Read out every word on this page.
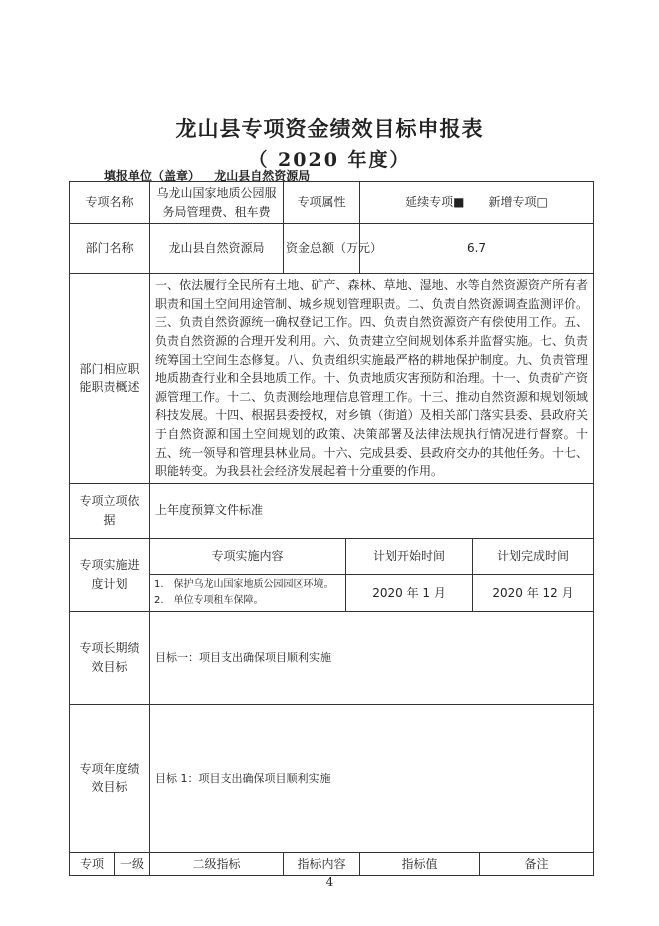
龙山县专项资金绩效目标申报表
（ 2020 年度）
填报单位（盖章） 龙山县自然资源局
专项名称	乌龙山国家地质公园服务局管理费、租车费	专项属性	延续专项■　　新增专项□
部门名称	龙山县自然资源局	资金总额（万元）	6.7
部门相应职能职责概述	一、依法履行全民所有土地、矿产、森林、草地、湿地、水等自然资源资产所有者职责和国土空间用途管制、城乡规划管理职责。二、负责自然资源调查监测评价。三、负责自然资源统一确权登记工作。四、负责自然资源资产有偿使用工作。五、负责自然资源的合理开发利用。六、负责建立空间规划体系并监督实施。七、负责统筹国土空间生态修复。八、负责组织实施最严格的耕地保护制度。九、负责管理地质勘查行业和全县地质工作。十、负责地质灾害预防和治理。十一、负责矿产资源管理工作。十二、负责测绘地理信息管理工作。十三、推动自然资源和规划领域科技发展。十四、根据县委授权，对乡镇（街道）及相关部门落实县委、县政府关于自然资源和国土空间规划的政策、决策部署及法律法规执行情况进行督察。十五、统一领导和管理县林业局。十六、完成县委、县政府交办的其他任务。十七、职能转变。为我县社会经济发展起着十分重要的作用。
专项立项依据	上年度预算文件标准
专项实施进度计划	
专项实施内容	计划开始时间	计划完成时间

1.　保护乌龙山国家地质公园园区环境。
2.　单位专项租车保障。
	2020 年 1 月	2020 年 12 月

专项长期绩效目标	目标一：项目支出确保项目顺利实施
专项年度绩效目标	目标 1：项目支出确保项目顺利实施
专项	一级	二级指标	指标内容	指标值	备注
4
